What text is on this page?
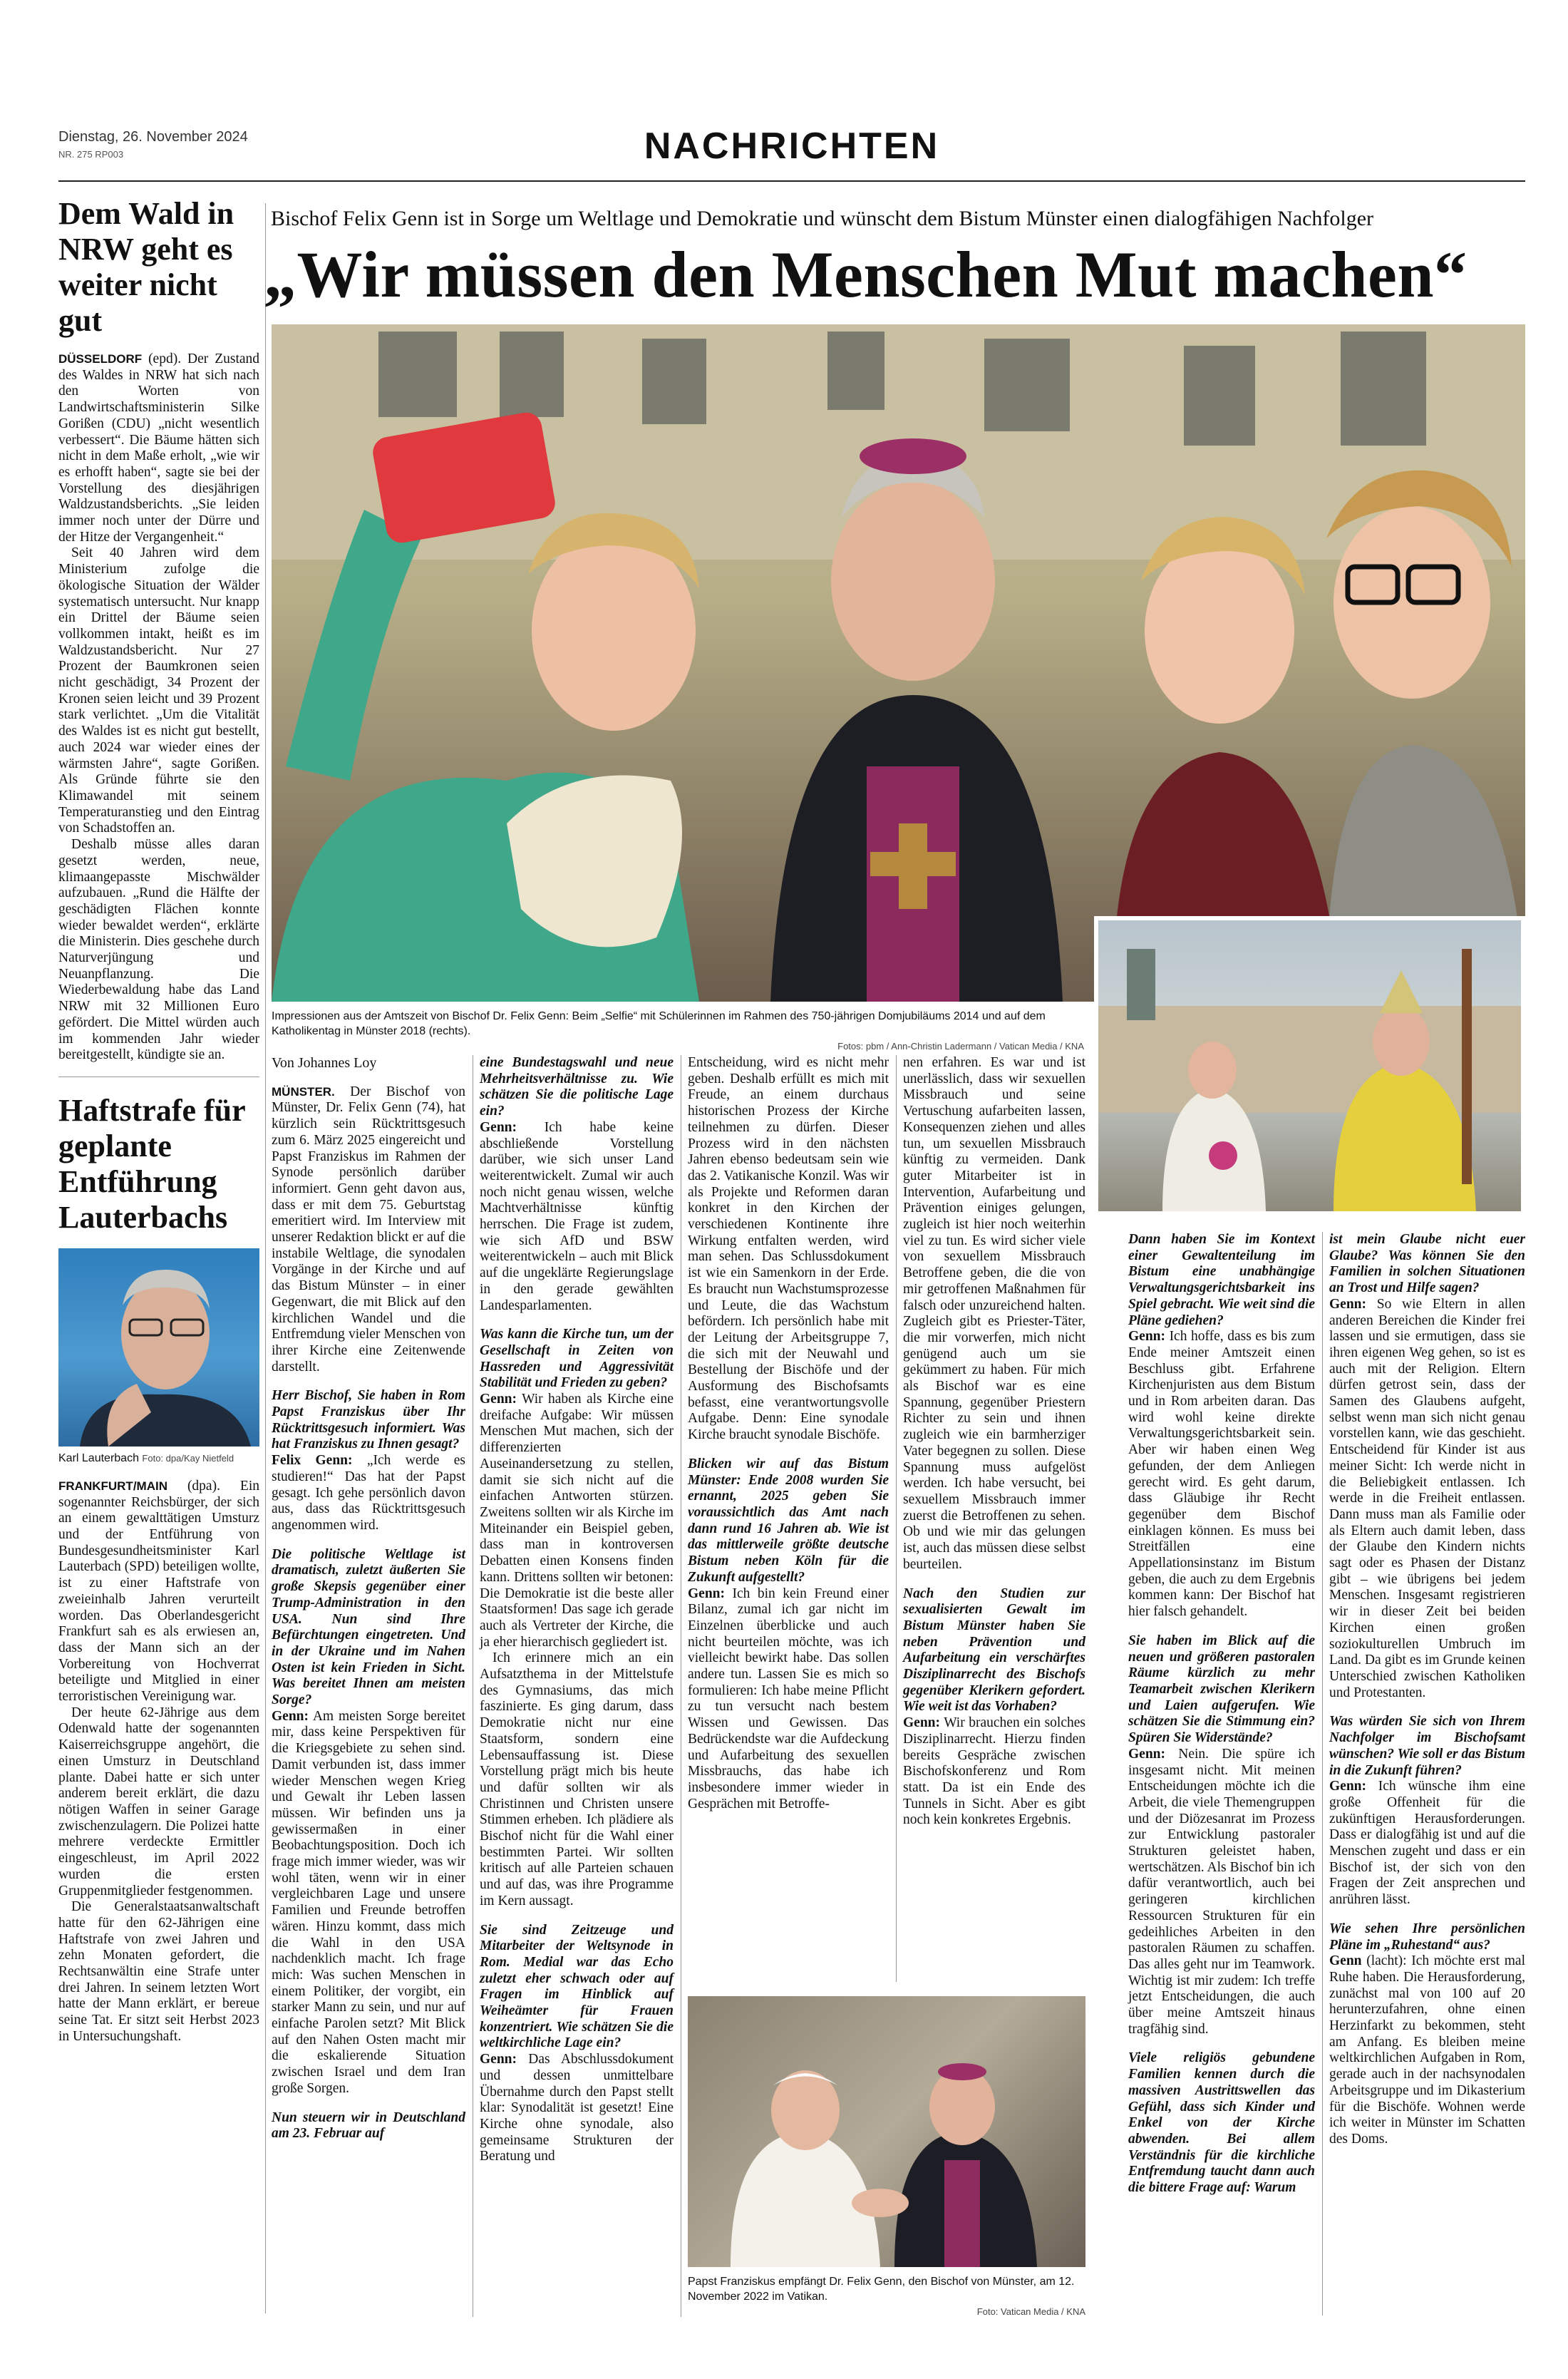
Dienstag, 26. November 2024
NR. 275 RP003	NACHRICHTEN
Dem Wald in NRW geht es weiter nicht gut
DÜSSELDORF (epd). Der Zustand des Waldes in NRW hat sich nach den Worten von Landwirtschaftsministerin Silke Gorißen (CDU) „nicht wesentlich verbessert“. Die Bäume hätten sich nicht in dem Maße erholt, „wie wir es erhofft haben“, sagte sie bei der Vorstellung des diesjährigen Waldzustandsberichts. „Sie leiden immer noch unter der Dürre und der Hitze der Vergangenheit.“
Seit 40 Jahren wird dem Ministerium zufolge die ökologische Situation der Wälder systematisch untersucht. Nur knapp ein Drittel der Bäume seien vollkommen intakt, heißt es im Waldzustandsbericht. Nur 27 Prozent der Baumkronen seien nicht geschädigt, 34 Prozent der Kronen seien leicht und 39 Prozent stark verlichtet. „Um die Vitalität des Waldes ist es nicht gut bestellt, auch 2024 war wieder eines der wärmsten Jahre“, sagte Gorißen. Als Gründe führte sie den Klimawandel mit seinem Temperaturanstieg und den Eintrag von Schadstoffen an.
Deshalb müsse alles daran gesetzt werden, neue, klimaangepasste Mischwälder aufzubauen. „Rund die Hälfte der geschädigten Flächen konnte wieder bewaldet werden“, erklärte die Ministerin. Dies geschehe durch Naturverjüngung und Neuanpflanzung. Die Wiederbewaldung habe das Land NRW mit 32 Millionen Euro gefördert. Die Mittel würden auch im kommenden Jahr wieder bereitgestellt, kündigte sie an.
Haftstrafe für geplante Entführung Lauterbachs
Karl Lauterbach Foto: dpa/Kay Nietfeld
FRANKFURT/MAIN (dpa). Ein sogenannter Reichsbürger, der sich an einem gewalttätigen Umsturz und der Entführung von Bundesgesundheitsminister Karl Lauterbach (SPD) beteiligen wollte, ist zu einer Haftstrafe von zweieinhalb Jahren verurteilt worden. Das Oberlandesgericht Frankfurt sah es als erwiesen an, dass der Mann sich an der Vorbereitung von Hochverrat beteiligte und Mitglied in einer terroristischen Vereinigung war.
Der heute 62-Jährige aus dem Odenwald hatte der sogenannten Kaiserreichsgruppe angehört, die einen Umsturz in Deutschland plante. Dabei hatte er sich unter anderem bereit erklärt, die dazu nötigen Waffen in seiner Garage zwischenzulagern. Die Polizei hatte mehrere verdeckte Ermittler eingeschleust, im April 2022 wurden die ersten Gruppenmitglieder festgenommen.
Die Generalstaatsanwaltschaft hatte für den 62-Jährigen eine Haftstrafe von zwei Jahren und zehn Monaten gefordert, die Rechtsanwältin eine Strafe unter drei Jahren. In seinem letzten Wort hatte der Mann erklärt, er bereue seine Tat. Er sitzt seit Herbst 2023 in Untersuchungshaft.
Bischof Felix Genn ist in Sorge um Weltlage und Demokratie und wünscht dem Bistum Münster einen dialogfähigen Nachfolger
„Wir müssen den Menschen Mut machen“
Impressionen aus der Amtszeit von Bischof Dr. Felix Genn: Beim „Selfie“ mit Schülerinnen im Rahmen des 750-jährigen Domjubiläums 2014 und auf dem Katholikentag in Münster 2018 (rechts).
Fotos: pbm / Ann-Christin Ladermann / Vatican Media / KNA
Von Johannes Loy
MÜNSTER. Der Bischof von Münster, Dr. Felix Genn (74), hat kürzlich sein Rücktrittsgesuch zum 6. März 2025 eingereicht und Papst Franziskus im Rahmen der Synode persönlich darüber informiert. Genn geht davon aus, dass er mit dem 75. Geburtstag emeritiert wird. Im Interview mit unserer Redaktion blickt er auf die instabile Weltlage, die synodalen Vorgänge in der Kirche und auf das Bistum Münster – in einer Gegenwart, die mit Blick auf den kirchlichen Wandel und die Entfremdung vieler Menschen von ihrer Kirche eine Zeitenwende darstellt.
Herr Bischof, Sie haben in Rom Papst Franziskus über Ihr Rücktrittsgesuch informiert. Was hat Franziskus zu Ihnen gesagt?
Felix Genn: „Ich werde es studieren!“ Das hat der Papst gesagt. Ich gehe persönlich davon aus, dass das Rücktrittsgesuch angenommen wird.
Die politische Weltlage ist dramatisch, zuletzt äußerten Sie große Skepsis gegenüber einer Trump-Administration in den USA. Nun sind Ihre Befürchtungen eingetreten. Und in der Ukraine und im Nahen Osten ist kein Frieden in Sicht. Was bereitet Ihnen am meisten Sorge?
Genn: Am meisten Sorge bereitet mir, dass keine Perspektiven für die Kriegsgebiete zu sehen sind. Damit verbunden ist, dass immer wieder Menschen wegen Krieg und Gewalt ihr Leben lassen müssen. Wir befinden uns ja gewissermaßen in einer Beobachtungsposition. Doch ich frage mich immer wieder, was wir wohl täten, wenn wir in einer vergleichbaren Lage und unsere Familien und Freunde betroffen wären. Hinzu kommt, dass mich die Wahl in den USA nachdenklich macht. Ich frage mich: Was suchen Menschen in einem Politiker, der vorgibt, ein starker Mann zu sein, und nur auf einfache Parolen setzt? Mit Blick auf den Nahen Osten macht mir die eskalierende Situation zwischen Israel und dem Iran große Sorgen.
Nun steuern wir in Deutschland am 23. Februar auf
eine Bundestagswahl und neue Mehrheitsverhältnisse zu. Wie schätzen Sie die politische Lage ein?
Genn: Ich habe keine abschließende Vorstellung darüber, wie sich unser Land weiterentwickelt. Zumal wir auch noch nicht genau wissen, welche Machtverhältnisse künftig herrschen. Die Frage ist zudem, wie sich AfD und BSW weiterentwickeln – auch mit Blick auf die ungeklärte Regierungslage in den gerade gewählten Landesparlamenten.
Was kann die Kirche tun, um der Gesellschaft in Zeiten von Hassreden und Aggressivität Stabilität und Frieden zu geben?
Genn: Wir haben als Kirche eine dreifache Aufgabe: Wir müssen Menschen Mut machen, sich der differenzierten Auseinandersetzung zu stellen, damit sie sich nicht auf die einfachen Antworten stürzen. Zweitens sollten wir als Kirche im Miteinander ein Beispiel geben, dass man in kontroversen Debatten einen Konsens finden kann. Drittens sollten wir betonen: Die Demokratie ist die beste aller Staatsformen! Das sage ich gerade auch als Vertreter der Kirche, die ja eher hierarchisch gegliedert ist.
Ich erinnere mich an ein Aufsatzthema in der Mittelstufe des Gymnasiums, das mich faszinierte. Es ging darum, dass Demokratie nicht nur eine Staatsform, sondern eine Lebensauffassung ist. Diese Vorstellung prägt mich bis heute und dafür sollten wir als Christinnen und Christen unsere Stimmen erheben. Ich plädiere als Bischof nicht für die Wahl einer bestimmten Partei. Wir sollten kritisch auf alle Parteien schauen und auf das, was ihre Programme im Kern aussagt.
Sie sind Zeitzeuge und Mitarbeiter der Weltsynode in Rom. Medial war das Echo zuletzt eher schwach oder auf Fragen im Hinblick auf Weiheämter für Frauen konzentriert. Wie schätzen Sie die weltkirchliche Lage ein?
Genn: Das Abschlussdokument und dessen unmittelbare Übernahme durch den Papst stellt klar: Synodalität ist gesetzt! Eine Kirche ohne synodale, also gemeinsame Strukturen der Beratung und
Entscheidung, wird es nicht mehr geben. Deshalb erfüllt es mich mit Freude, an einem durchaus historischen Prozess der Kirche teilnehmen zu dürfen. Dieser Prozess wird in den nächsten Jahren ebenso bedeutsam sein wie das 2. Vatikanische Konzil. Was wir als Projekte und Reformen daran konkret in den Kirchen der verschiedenen Kontinente ihre Wirkung entfalten werden, wird man sehen. Das Schlussdokument ist wie ein Samenkorn in der Erde. Es braucht nun Wachstumsprozesse und Leute, die das Wachstum befördern. Ich persönlich habe mit der Leitung der Arbeitsgruppe 7, die sich mit der Neuwahl und Bestellung der Bischöfe und der Ausformung des Bischofsamts befasst, eine verantwortungsvolle Aufgabe. Denn: Eine synodale Kirche braucht synodale Bischöfe.
Blicken wir auf das Bistum Münster: Ende 2008 wurden Sie ernannt, 2025 geben Sie voraussichtlich das Amt nach dann rund 16 Jahren ab. Wie ist das mittlerweile größte deutsche Bistum neben Köln für die Zukunft aufgestellt?
Genn: Ich bin kein Freund einer Bilanz, zumal ich gar nicht im Einzelnen überblicke und auch nicht beurteilen möchte, was ich vielleicht bewirkt habe. Das sollen andere tun. Lassen Sie es mich so formulieren: Ich habe meine Pflicht zu tun versucht nach bestem Wissen und Gewissen. Das Bedrückendste war die Aufdeckung und Aufarbeitung des sexuellen Missbrauchs, das habe ich insbesondere immer wieder in Gesprächen mit Betroffe-
nen erfahren. Es war und ist unerlässlich, dass wir sexuellen Missbrauch und seine Vertuschung aufarbeiten lassen, Konsequenzen ziehen und alles tun, um sexuellen Missbrauch künftig zu vermeiden. Dank guter Mitarbeiter ist in Intervention, Aufarbeitung und Prävention einiges gelungen, zugleich ist hier noch weiterhin viel zu tun. Es wird sicher viele von sexuellem Missbrauch Betroffene geben, die die von mir getroffenen Maßnahmen für falsch oder unzureichend halten. Zugleich gibt es Priester-Täter, die mir vorwerfen, mich nicht genügend auch um sie gekümmert zu haben. Für mich als Bischof war es eine Spannung, gegenüber Priestern Richter zu sein und ihnen zugleich wie ein barmherziger Vater begegnen zu sollen. Diese Spannung muss aufgelöst werden. Ich habe versucht, bei sexuellem Missbrauch immer zuerst die Betroffenen zu sehen. Ob und wie mir das gelungen ist, auch das müssen diese selbst beurteilen.
Nach den Studien zur sexualisierten Gewalt im Bistum Münster haben Sie neben Prävention und Aufarbeitung ein verschärftes Disziplinarrecht des Bischofs gegenüber Klerikern gefordert. Wie weit ist das Vorhaben?
Genn: Wir brauchen ein solches Disziplinarrecht. Hierzu finden bereits Gespräche zwischen Bischofskonferenz und Rom statt. Da ist ein Ende des Tunnels in Sicht. Aber es gibt noch kein konkretes Ergebnis.
Dann haben Sie im Kontext einer Gewaltenteilung im Bistum eine unabhängige Verwaltungsgerichtsbarkeit ins Spiel gebracht. Wie weit sind die Pläne gediehen?
Genn: Ich hoffe, dass es bis zum Ende meiner Amtszeit einen Beschluss gibt. Erfahrene Kirchenjuristen aus dem Bistum und in Rom arbeiten daran. Das wird wohl keine direkte Verwaltungsgerichtsbarkeit sein. Aber wir haben einen Weg gefunden, der dem Anliegen gerecht wird. Es geht darum, dass Gläubige ihr Recht gegenüber dem Bischof einklagen können. Es muss bei Streitfällen eine Appellationsinstanz im Bistum geben, die auch zu dem Ergebnis kommen kann: Der Bischof hat hier falsch gehandelt.
Sie haben im Blick auf die neuen und größeren pastoralen Räume kürzlich zu mehr Teamarbeit zwischen Klerikern und Laien aufgerufen. Wie schätzen Sie die Stimmung ein? Spüren Sie Widerstände?
Genn: Nein. Die spüre ich insgesamt nicht. Mit meinen Entscheidungen möchte ich die Arbeit, die viele Themengruppen und der Diözesanrat im Prozess zur Entwicklung pastoraler Strukturen geleistet haben, wertschätzen. Als Bischof bin ich dafür verantwortlich, auch bei geringeren kirchlichen Ressourcen Strukturen für ein gedeihliches Arbeiten in den pastoralen Räumen zu schaffen. Das alles geht nur im Teamwork. Wichtig ist mir zudem: Ich treffe jetzt Entscheidungen, die auch über meine Amtszeit hinaus tragfähig sind.
Viele religiös gebundene Familien kennen durch die massiven Austrittswellen das Gefühl, dass sich Kinder und Enkel von der Kirche abwenden. Bei allem Verständnis für die kirchliche Entfremdung taucht dann auch die bittere Frage auf: Warum
ist mein Glaube nicht euer Glaube? Was können Sie den Familien in solchen Situationen an Trost und Hilfe sagen?
Genn: So wie Eltern in allen anderen Bereichen die Kinder frei lassen und sie ermutigen, dass sie ihren eigenen Weg gehen, so ist es auch mit der Religion. Eltern dürfen getrost sein, dass der Samen des Glaubens aufgeht, selbst wenn man sich nicht genau vorstellen kann, wie das geschieht. Entscheidend für Kinder ist aus meiner Sicht: Ich werde nicht in die Beliebigkeit entlassen. Ich werde in die Freiheit entlassen. Dann muss man als Familie oder als Eltern auch damit leben, dass der Glaube den Kindern nichts sagt oder es Phasen der Distanz gibt – wie übrigens bei jedem Menschen. Insgesamt registrieren wir in dieser Zeit bei beiden Kirchen einen großen soziokulturellen Umbruch im Land. Da gibt es im Grunde keinen Unterschied zwischen Katholiken und Protestanten.
Was würden Sie sich von Ihrem Nachfolger im Bischofsamt wünschen? Wie soll er das Bistum in die Zukunft führen?
Genn: Ich wünsche ihm eine große Offenheit für die zukünftigen Herausforderungen. Dass er dialogfähig ist und auf die Menschen zugeht und dass er ein Bischof ist, der sich von den Fragen der Zeit ansprechen und anrühren lässt.
Wie sehen Ihre persönlichen Pläne im „Ruhestand“ aus?
Genn (lacht): Ich möchte erst mal Ruhe haben. Die Herausforderung, zunächst mal von 100 auf 20 herunterzufahren, ohne einen Herzinfarkt zu bekommen, steht am Anfang. Es bleiben meine weltkirchlichen Aufgaben in Rom, gerade auch in der nachsynodalen Arbeitsgruppe und im Dikasterium für die Bischöfe. Wohnen werde ich weiter in Münster im Schatten des Doms.
Papst Franziskus empfängt Dr. Felix Genn, den Bischof von Münster, am 12. November 2022 im Vatikan.
Foto: Vatican Media / KNA
